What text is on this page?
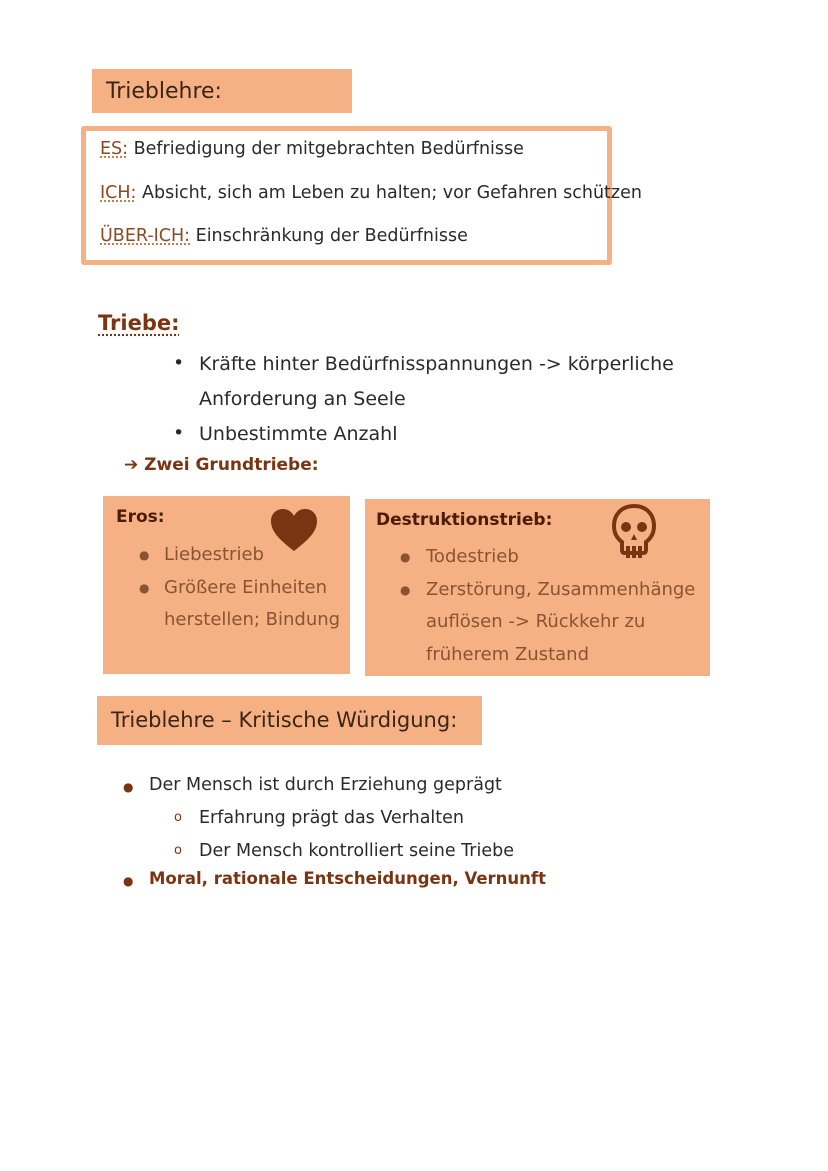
Trieblehre:
ES: Befriedigung der mitgebrachten Bedürfnisse
ICH: Absicht, sich am Leben zu halten; vor Gefahren schützen
ÜBER-ICH: Einschränkung der Bedürfnisse
Triebe:
• Kräfte hinter Bedürfnisspannungen -> körperliche
Anforderung an Seele
• Unbestimmte Anzahl
➔ Zwei Grundtriebe:
Eros:
● Liebestrieb
● Größere Einheiten
herstellen; Bindung
Destruktionstrieb:
● Todestrieb
● Zerstörung, Zusammenhänge
auflösen -> Rückkehr zu
früherem Zustand
Trieblehre – Kritische Würdigung:
● Der Mensch ist durch Erziehung geprägt
o Erfahrung prägt das Verhalten
o Der Mensch kontrolliert seine Triebe
● Moral, rationale Entscheidungen, Vernunft
